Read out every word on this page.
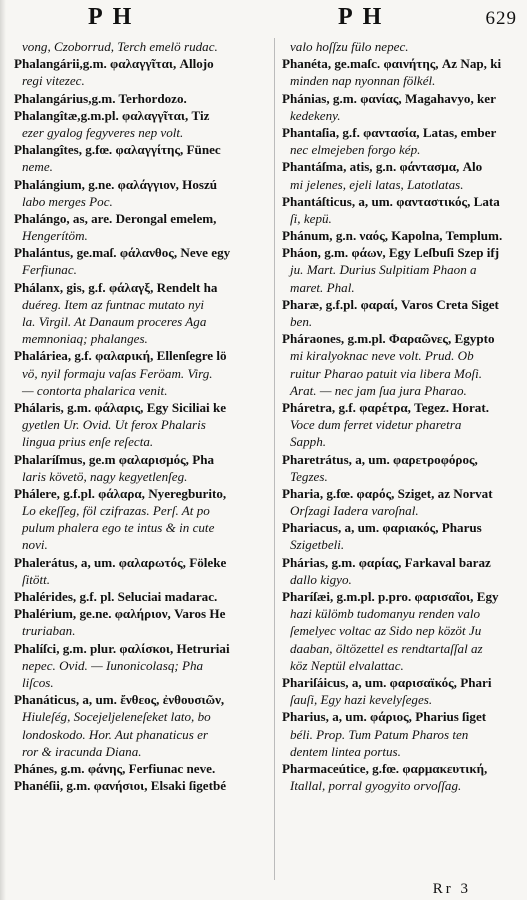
PH	PH	629
vong, Czoborrud, Terch emelö rudac.
Phalangárii,g.m. φαλαγγῖται, Allojo
regi vitezec.
Phalangárius,g.m. Terhordozo.
Phalangîtæ,g.m.pl. φαλαγγῖται, Tiz
ezer gyalog fegyveres nep volt.
Phalangîtes, g.fœ. φαλαγγίτης, Fünec
neme.
Phalángium, g.ne. φαλάγγιον, Hoszú
labo merges Poc.
Phalángo, as, are. Derongal emelem,
Hengerítöm.
Phalántus, ge.maſ. φάλανθος, Neve egy
Ferfiunac.
Phálanx, gis, g.f. φάλαγξ, Rendelt ha
duéreg. Item az funtnac mutato nyi
la. Virgil. At Danaum proceres Aga
memnoniaq; phalanges.
Phaláriea, g.f. φαλαρική, Ellenſegre lö
vö, nyil formaju vaſas Feröam. Virg.
— contorta phalarica venit.
Phálaris, g.m. φάλαρις, Egy Siciliai ke
gyetlen Ur. Ovid. Ut ferox Phalaris
lingua prius enſe reſecta.
Phalaríſmus, ge.m φαλαρισμός, Pha
laris követö, nagy kegyetlenſeg.
Phálere, g.f.pl. φάλαρα, Nyeregburito,
Lo ekeſſeg, föl czifrazas. Perſ. At po
pulum phalera ego te intus & in cute
novi.
Phalerátus, a, um. φαλαρωτός, Föleke
ſitött.
Phalérides, g.f. pl. Seluciai madarac.
Phalérium, ge.ne. φαλήριον, Varos He
truriaban.
Phalíſci, g.m. plur. φαλίσκοι, Hetruriai
nepec. Ovid. — Iunonicolasq; Pha
liſcos.
Phanáticus, a, um. ἔνθεος, ἐνθουσιῶν,
Hiuleſég, Socejeljeleneſeket lato, bo
londoskodo. Hor. Aut phanaticus er
ror & iracunda Diana.
Phánes, g.m. φάνης, Ferfiunac neve.
Phanéſii, g.m. φανήσιοι, Elsaki ſigetbé
valo hoſſzu fülo nepec.
Phanéta, ge.maſc. φαινήτης, Az Nap, ki
minden nap nyonnan fölkél.
Phánias, g.m. φανίας, Magahavyo, ker
kedekeny.
Phantaſia, g.f. φαντασία, Latas, ember
nec elmejeben forgo kép.
Phantáſma, atis, g.n. φάντασμα, Alo
mi jelenes, ejeli latas, Latotlatas.
Phantáſticus, a, um. φανταστικός, Lata
ſi, kepü.
Phánum, g.n. ναός, Kapolna, Templum.
Pháon, g.m. φάων, Egy Leſbuſi Szep ifj
ju. Mart. Durius Sulpitiam Phaon a
maret. Phal.
Pharæ, g.f.pl. φαραί, Varos Creta Siget
ben.
Pháraones, g.m.pl. Φαραῶνες, Egypto
mi kiralyoknac neve volt. Prud. Ob
ruitur Pharao patuit via libera Moſi.
Arat. — nec jam ſua jura Pharao.
Pháretra, g.f. φαρέτρα, Tegez. Horat.
Voce dum ferret videtur pharetra
Sapph.
Pharetrátus, a, um. φαρετροφόρος,
Tegzes.
Pharia, g.fœ. φαρός, Sziget, az Norvat
Orſzagi Iadera varoſnal.
Phariacus, a, um. φαριακός, Pharus
Szigetbeli.
Phárias, g.m. φαρίας, Farkaval baraz
dallo kigyo.
Pharíſæi, g.m.pl. p.pro. φαρισαῖοι, Egy
hazi külömb tudomanyu renden valo
ſemelyec voltac az Sido nep közöt Ju
daaban, öltözettel es rendtartaſſal az
köz Neptül elvalattac.
Phariſáicus, a, um. φαρισαϊκός, Phari
ſauſi, Egy hazi kevelyſeges.
Pharius, a, um. φάριος, Pharius ſiget
béli. Prop. Tum Patum Pharos ten
dentem lintea portus.
Pharmaceútice, g.fœ. φαρμακευτική,
Itallal, porral gyogyito orvoſſag.
Rr 3
